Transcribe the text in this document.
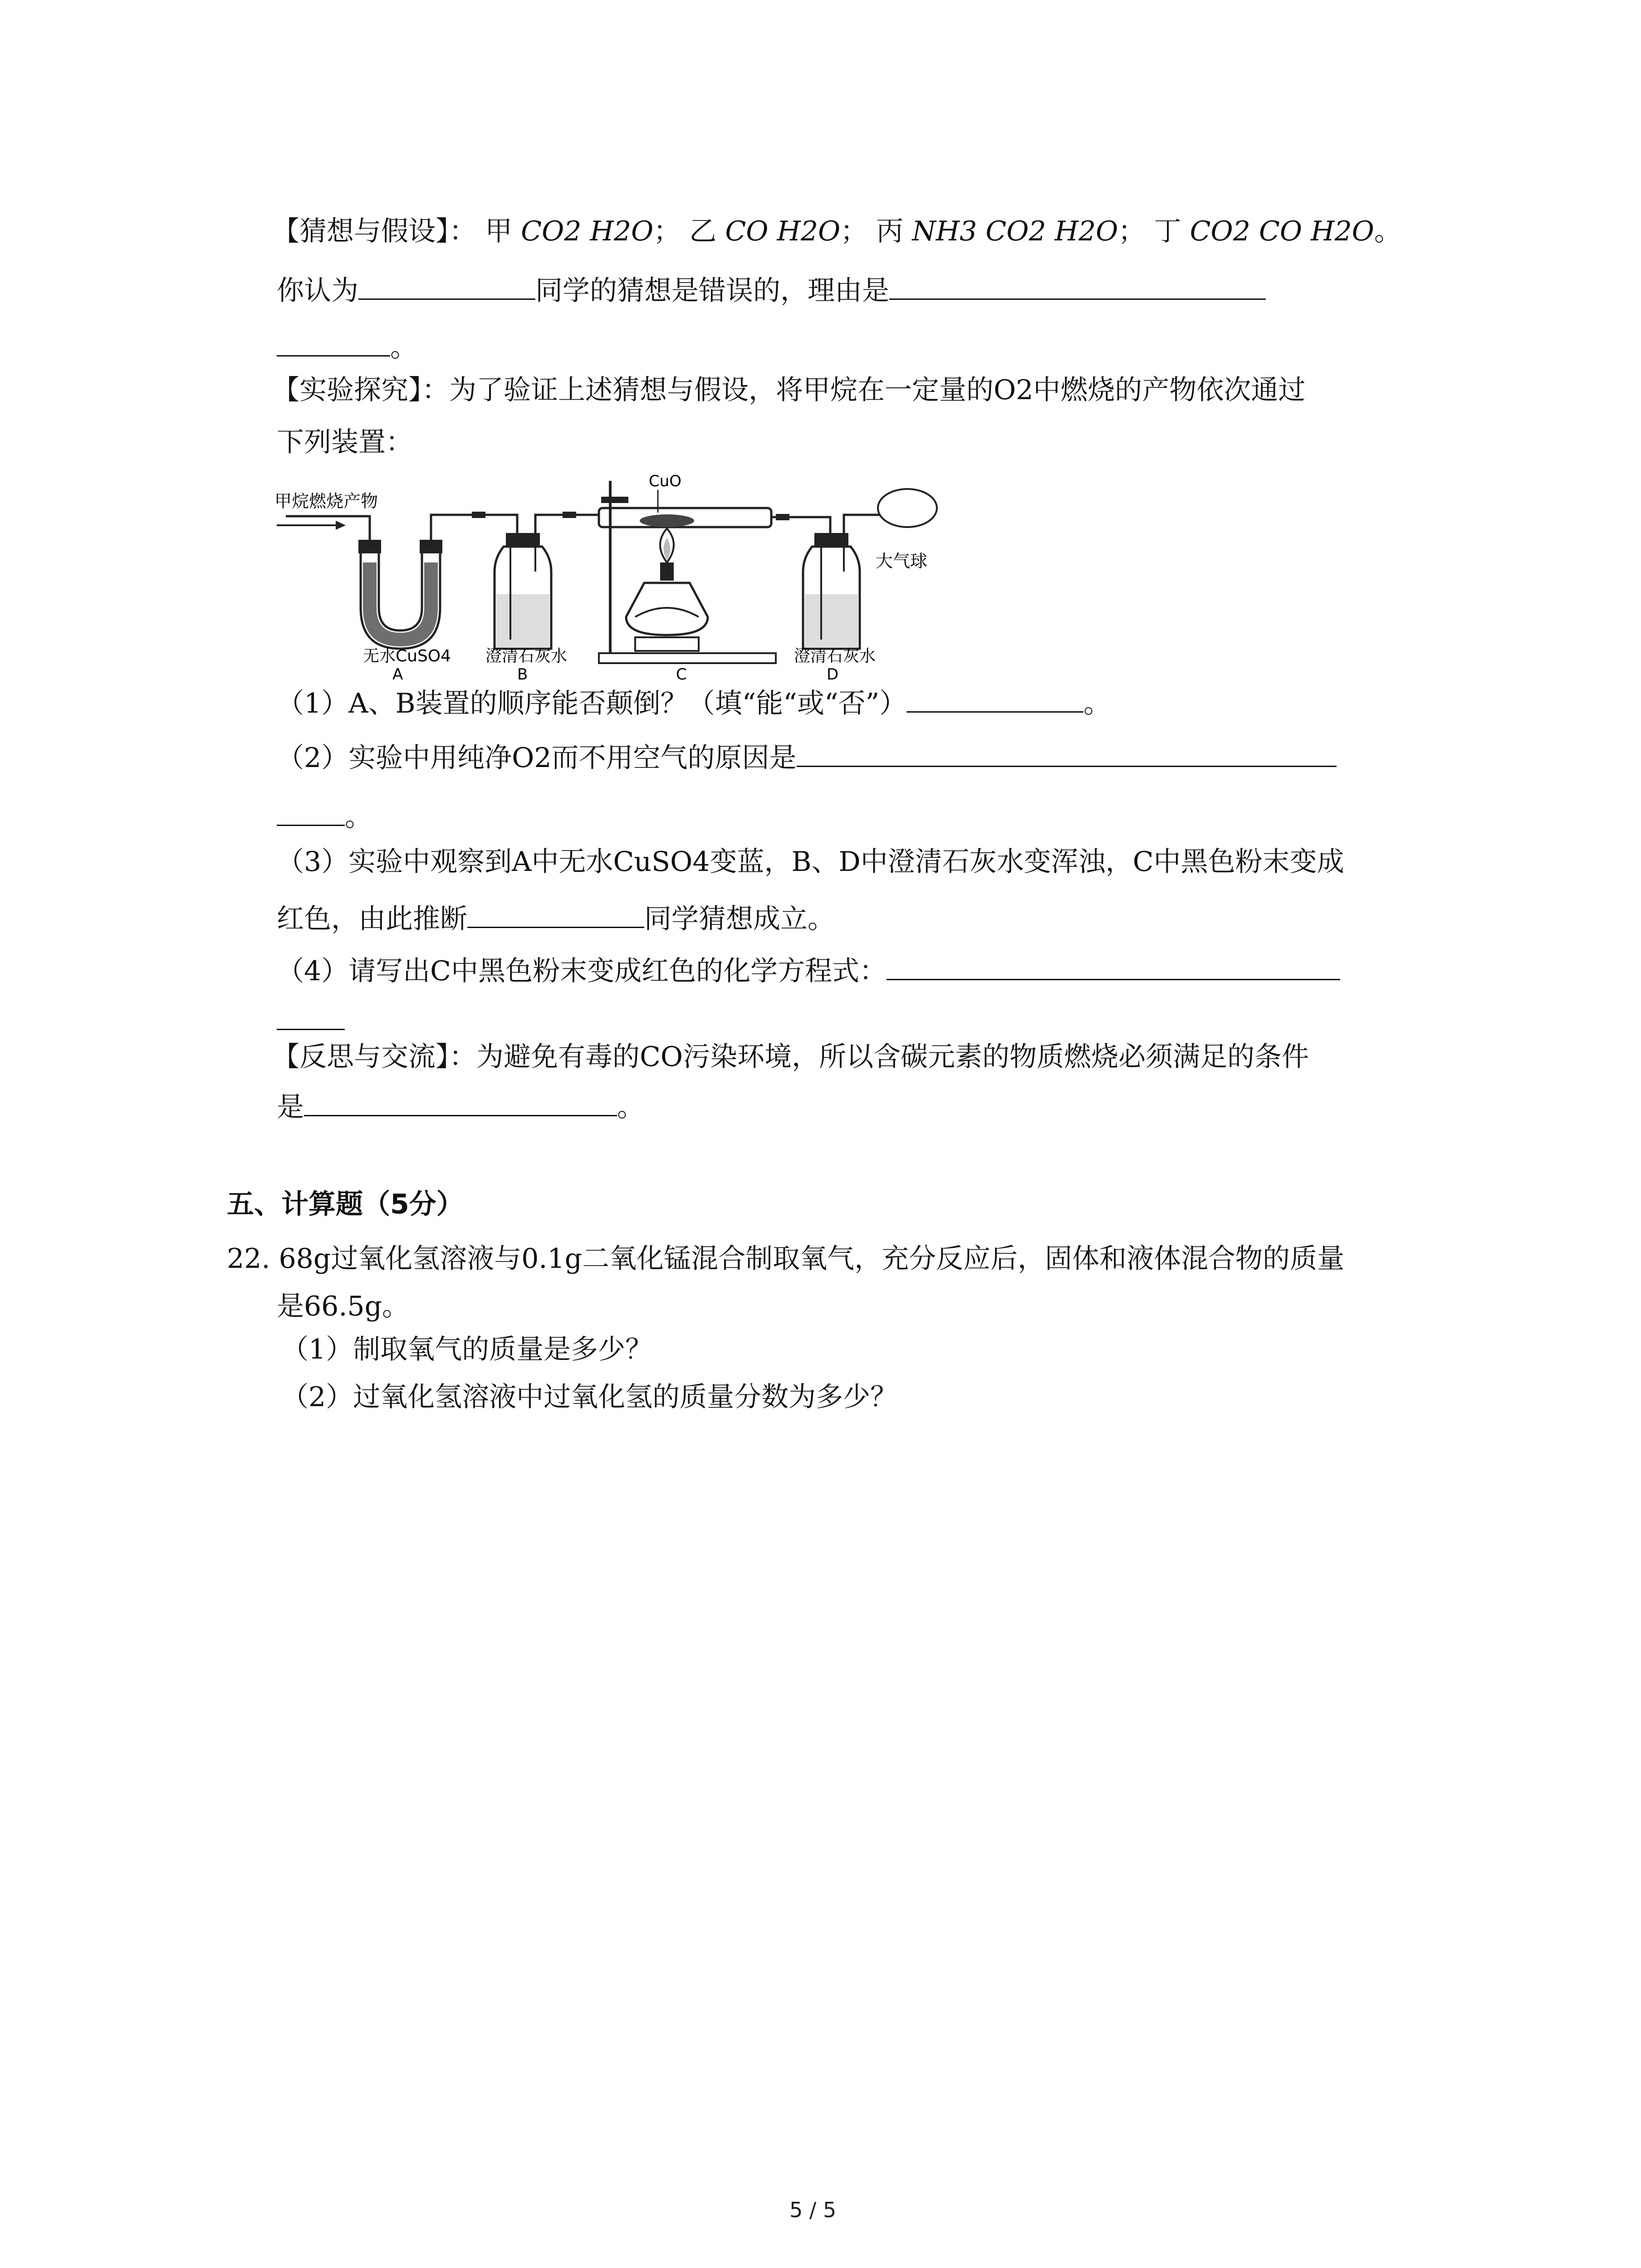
【猜想与假设】： 甲 CO2 H2O； 乙 CO H2O； 丙 NH3 CO2 H2O； 丁 CO2 CO H2O。
你认为	同学的猜想是错误的，理由是
。
【实验探究】：为了验证上述猜想与假设，将甲烷在一定量的O2中燃烧的产物依次通过
下列装置：
甲烷燃烧产物
无水CuSO4
A
澄清石灰水
B
CuO
C
澄清石灰水
D
大气球
（1）A、B装置的顺序能否颠倒？（填“能“或“否”）	。
（2）实验中用纯净O2而不用空气的原因是
。
（3）实验中观察到A中无水CuSO4变蓝，B、D中澄清石灰水变浑浊，C中黑色粉末变成
红色，由此推断	同学猜想成立。
（4）请写出C中黑色粉末变成红色的化学方程式：
【反思与交流】：为避免有毒的CO污染环境，所以含碳元素的物质燃烧必须满足的条件
是	。
五、计算题（5分）
22. 68g过氧化氢溶液与0.1g二氧化锰混合制取氧气，充分反应后，固体和液体混合物的质量
是66.5g。
（1）制取氧气的质量是多少？
（2）过氧化氢溶液中过氧化氢的质量分数为多少？
5 / 5
